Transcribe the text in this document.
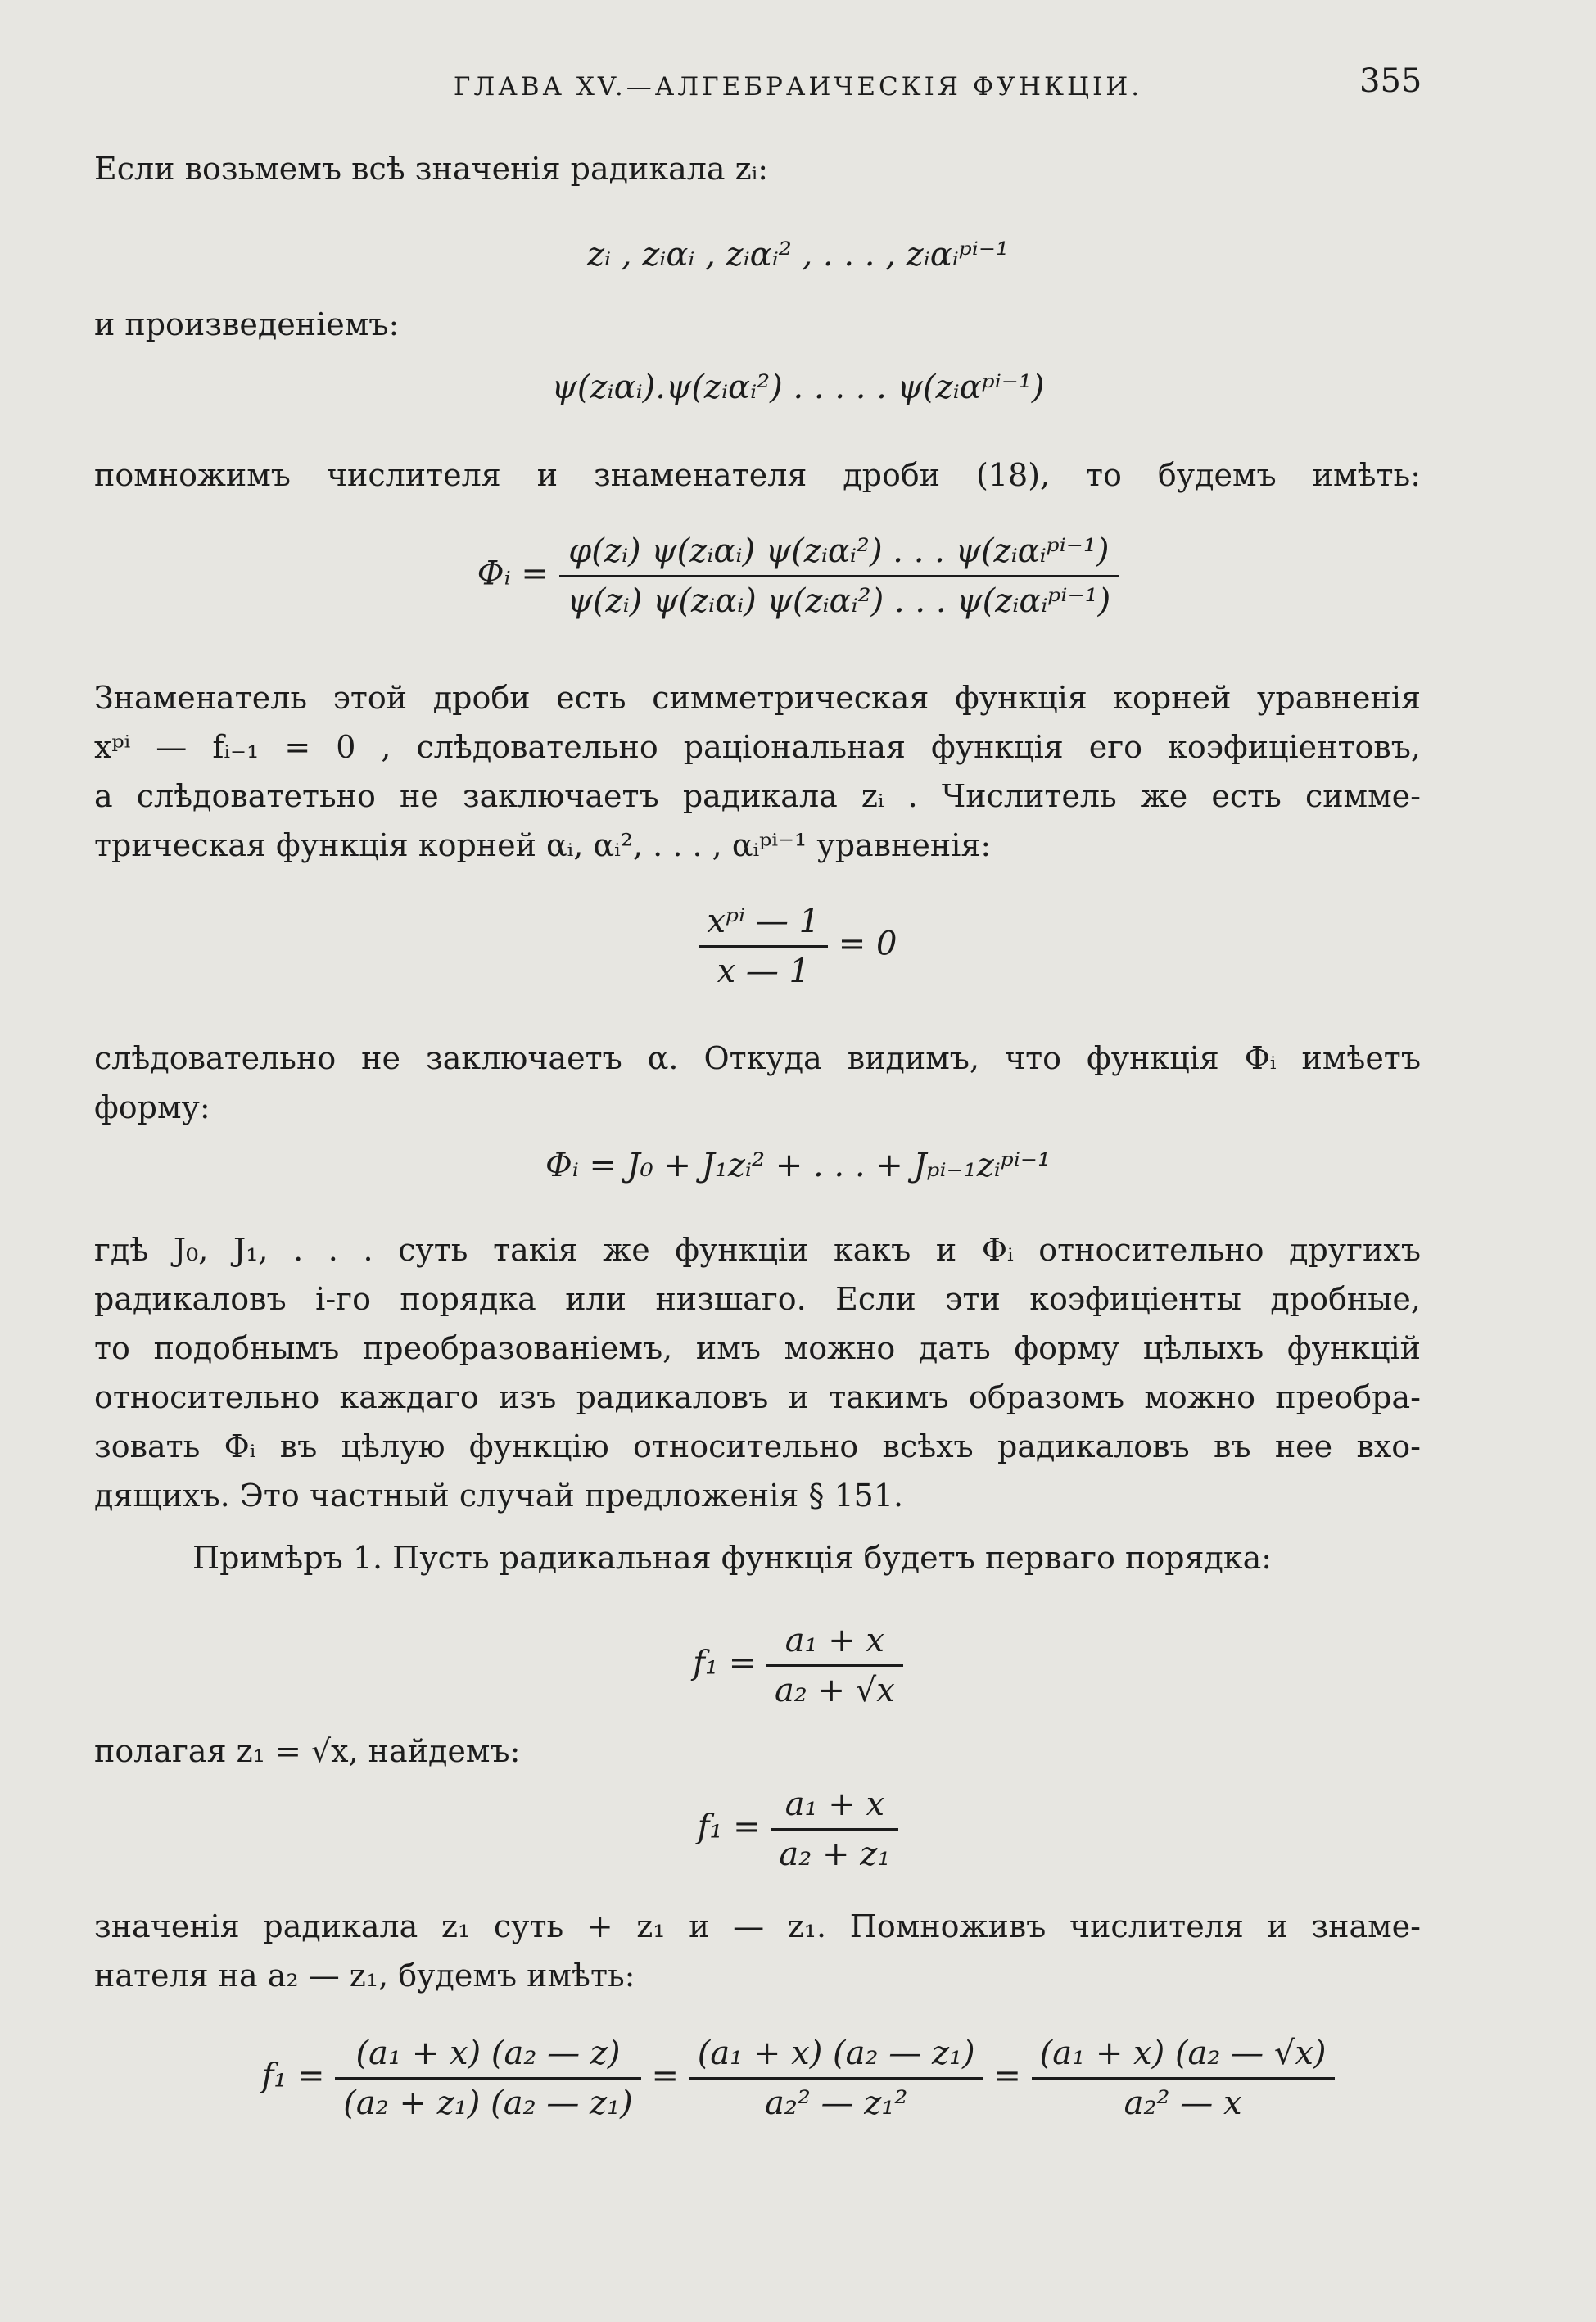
ГЛАВА XV.—АЛГЕБРАИЧЕСКІЯ ФУНКЦІИ.	355
Если возьмемъ всѣ значенія радикала zᵢ:
zᵢ , zᵢαᵢ , zᵢαᵢ² , . . . , zᵢαᵢᵖⁱ⁻¹
и произведеніемъ:
ψ(zᵢαᵢ).ψ(zᵢαᵢ²) . . . . . ψ(zᵢαᵖⁱ⁻¹)
помножимъ числителя и знаменателя дроби (18), то будемъ имѣть:
Φᵢ = $\frac{\text{φ(zᵢ) ψ(zᵢαᵢ) ψ(zᵢαᵢ²) . . . ψ(zᵢαᵢᵖⁱ⁻¹)}}{\text{ψ(zᵢ) ψ(zᵢαᵢ) ψ(zᵢαᵢ²) . . . ψ(zᵢαᵢᵖⁱ⁻¹)}}$
Знаменатель этой дроби есть симметрическая функція корней уравненія
xᵖⁱ — fᵢ₋₁ = 0 , слѣдовательно раціональная функція его коэфиціентовъ,
а слѣдоватетьно не заключаетъ радикала zᵢ . Числитель же есть симме-
трическая функція корней αᵢ, αᵢ², . . . , αᵢᵖⁱ⁻¹ уравненія:
$\frac{\text{xᵖⁱ — 1}}{x — 1} = 0$
слѣдовательно не заключаетъ α. Откуда видимъ, что функція Φᵢ имѣетъ
форму:
Φᵢ = J₀ + J₁zᵢ² + . . . + Jₚᵢ₋₁zᵢᵖⁱ⁻¹
гдѣ J₀, J₁, . . . суть такія же функціи какъ и Φᵢ относительно другихъ
радикаловъ i-го порядка или низшаго. Если эти коэфиціенты дробные,
то подобнымъ преобразованіемъ, имъ можно дать форму цѣлыхъ функцій
относительно каждаго изъ радикаловъ и такимъ образомъ можно преобра-
зовать Φᵢ въ цѣлую функцію относительно всѣхъ радикаловъ въ нее вхо-
дящихъ. Это частный случай предложенія § 151.
Примѣръ 1. Пусть радикальная функція будетъ перваго порядка:
$f_1 = \frac{\text{a₁ + x}}{\text{a₂ + √x}}$
полагая z₁ = √x, найдемъ:
$f_1 = \frac{\text{a₁ + x}}{\text{a₂ + z₁}}$
значенія радикала z₁ суть + z₁ и — z₁. Помноживъ числителя и знаме-
нателя на a₂ — z₁, будемъ имѣть:
$f_1 = \frac{\text{(a₁ + x) (a₂ — z)}}{\text{(a₂ + z₁) (a₂ — z₁)}} = \frac{\text{(a₁ + x) (a₂ — z₁)}}{\text{a₂² — z₁²}} = \frac{\text{(a₁ + x) (a₂ — √x)}}{\text{a₂² — x}}$
